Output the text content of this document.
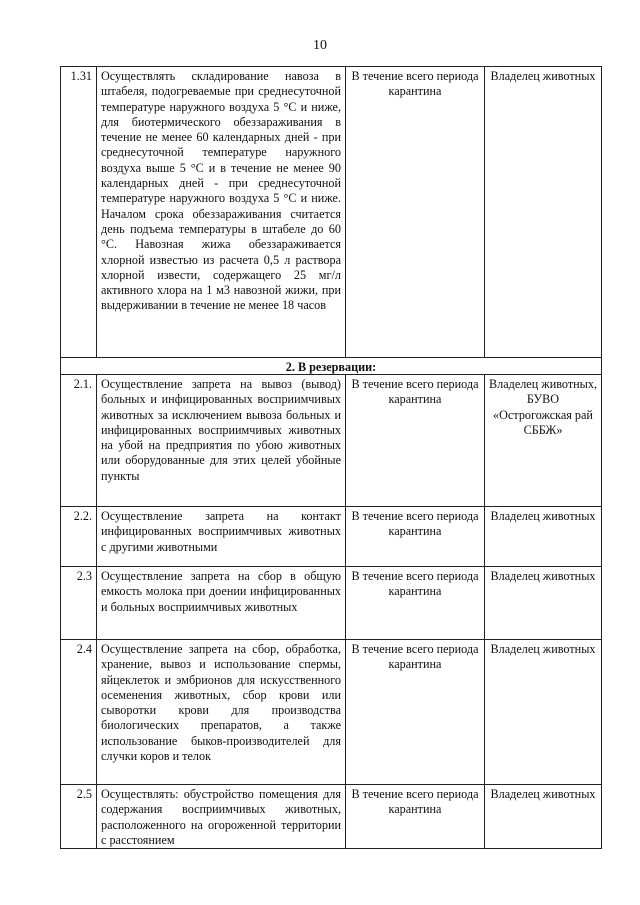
10
1.31	Осуществлять складирование навоза в штабеля, подогреваемые при среднесуточной температуре наружного воздуха 5 °С и ниже, для биотермического обеззараживания в течение не менее 60 календарных дней - при среднесуточной температуре наружного воздуха выше 5 °С и в течение не менее 90 календарных дней - при среднесуточной температуре наружного воздуха 5 °С и ниже. Началом срока обеззараживания считается день подъема температуры в штабеле до 60 °С. Навозная жижа обеззараживается хлорной известью из расчета 0,5 л раствора хлорной извести, содержащего 25 мг/л активного хлора на 1 м3 навозной жижи, при выдерживании в течение не менее 18 часов	В течение всего периода карантина	Владелец животных
2. В резервации:			
2.1.	Осуществление запрета на вывоз (вывод) больных и инфицированных восприимчивых животных за исключением вывоза больных и инфицированных восприимчивых животных на убой на предприятия по убою животных или оборудованные для этих целей убойные пункты	В течение всего периода карантина	Владелец животных, БУВО «Острогожская рай СББЖ»
2.2.	Осуществление запрета на контакт инфицированных восприимчивых животных с другими животными	В течение всего периода карантина	Владелец животных
2.3	Осуществление запрета на сбор в общую емкость молока при доении инфицированных и больных восприимчивых животных	В течение всего периода карантина	Владелец животных
2.4	Осуществление запрета на сбор, обработка, хранение, вывоз и использование спермы, яйцеклеток и эмбрионов для искусственного осеменения животных, сбор крови или сыворотки крови для производства биологических препаратов, а также использование быков-производителей для случки коров и телок	В течение всего периода карантина	Владелец животных
2.5	Осуществлять: обустройство помещения для содержания восприимчивых животных, расположенного на огороженной территории с расстоянием	В течение всего периода карантина	Владелец животных
